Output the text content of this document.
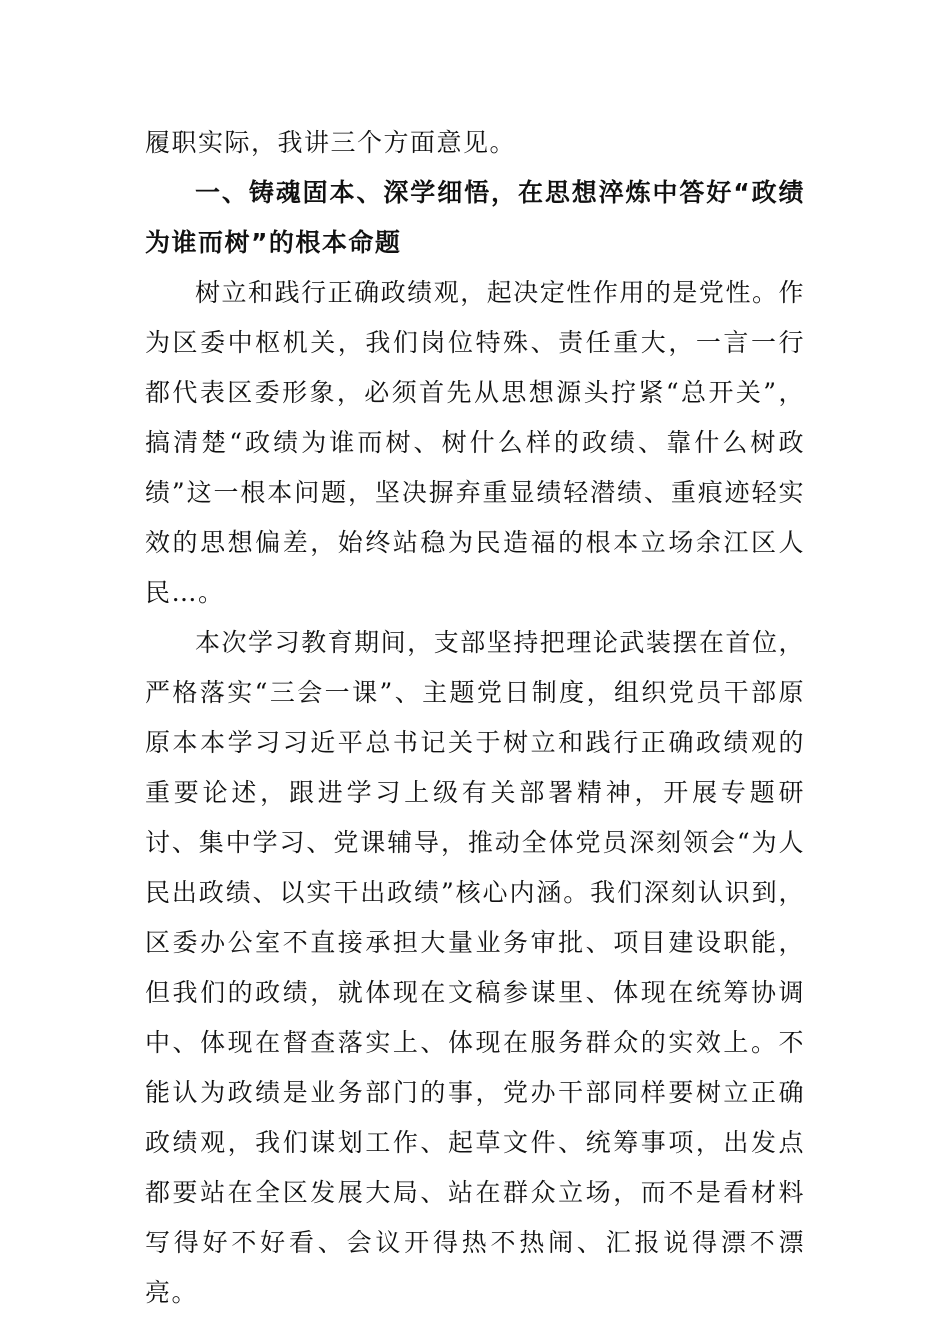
履职实际，我讲三个方面意见。

一、铸魂固本、深学细悟，在思想淬炼中答好“政绩为谁而树”的根本命题

树立和践行正确政绩观，起决定性作用的是党性。作为区委中枢机关，我们岗位特殊、责任重大，一言一行都代表区委形象，必须首先从思想源头拧紧“总开关”，搞清楚“政绩为谁而树、树什么样的政绩、靠什么树政绩”这一根本问题，坚决摒弃重显绩轻潜绩、重痕迹轻实效的思想偏差，始终站稳为民造福的根本立场余江区人民…。

本次学习教育期间，支部坚持把理论武装摆在首位，严格落实“三会一课”、主题党日制度，组织党员干部原原本本学习习近平总书记关于树立和践行正确政绩观的重要论述，跟进学习上级有关部署精神，开展专题研讨、集中学习、党课辅导，推动全体党员深刻领会“为人民出政绩、以实干出政绩”核心内涵。我们深刻认识到，区委办公室不直接承担大量业务审批、项目建设职能，但我们的政绩，就体现在文稿参谋里、体现在统筹协调中、体现在督查落实上、体现在服务群众的实效上。不能认为政绩是业务部门的事，党办干部同样要树立正确政绩观，我们谋划工作、起草文件、统筹事项，出发点都要站在全区发展大局、站在群众立场，而不是看材料写得好不好看、会议开得热不热闹、汇报说得漂不漂亮。
